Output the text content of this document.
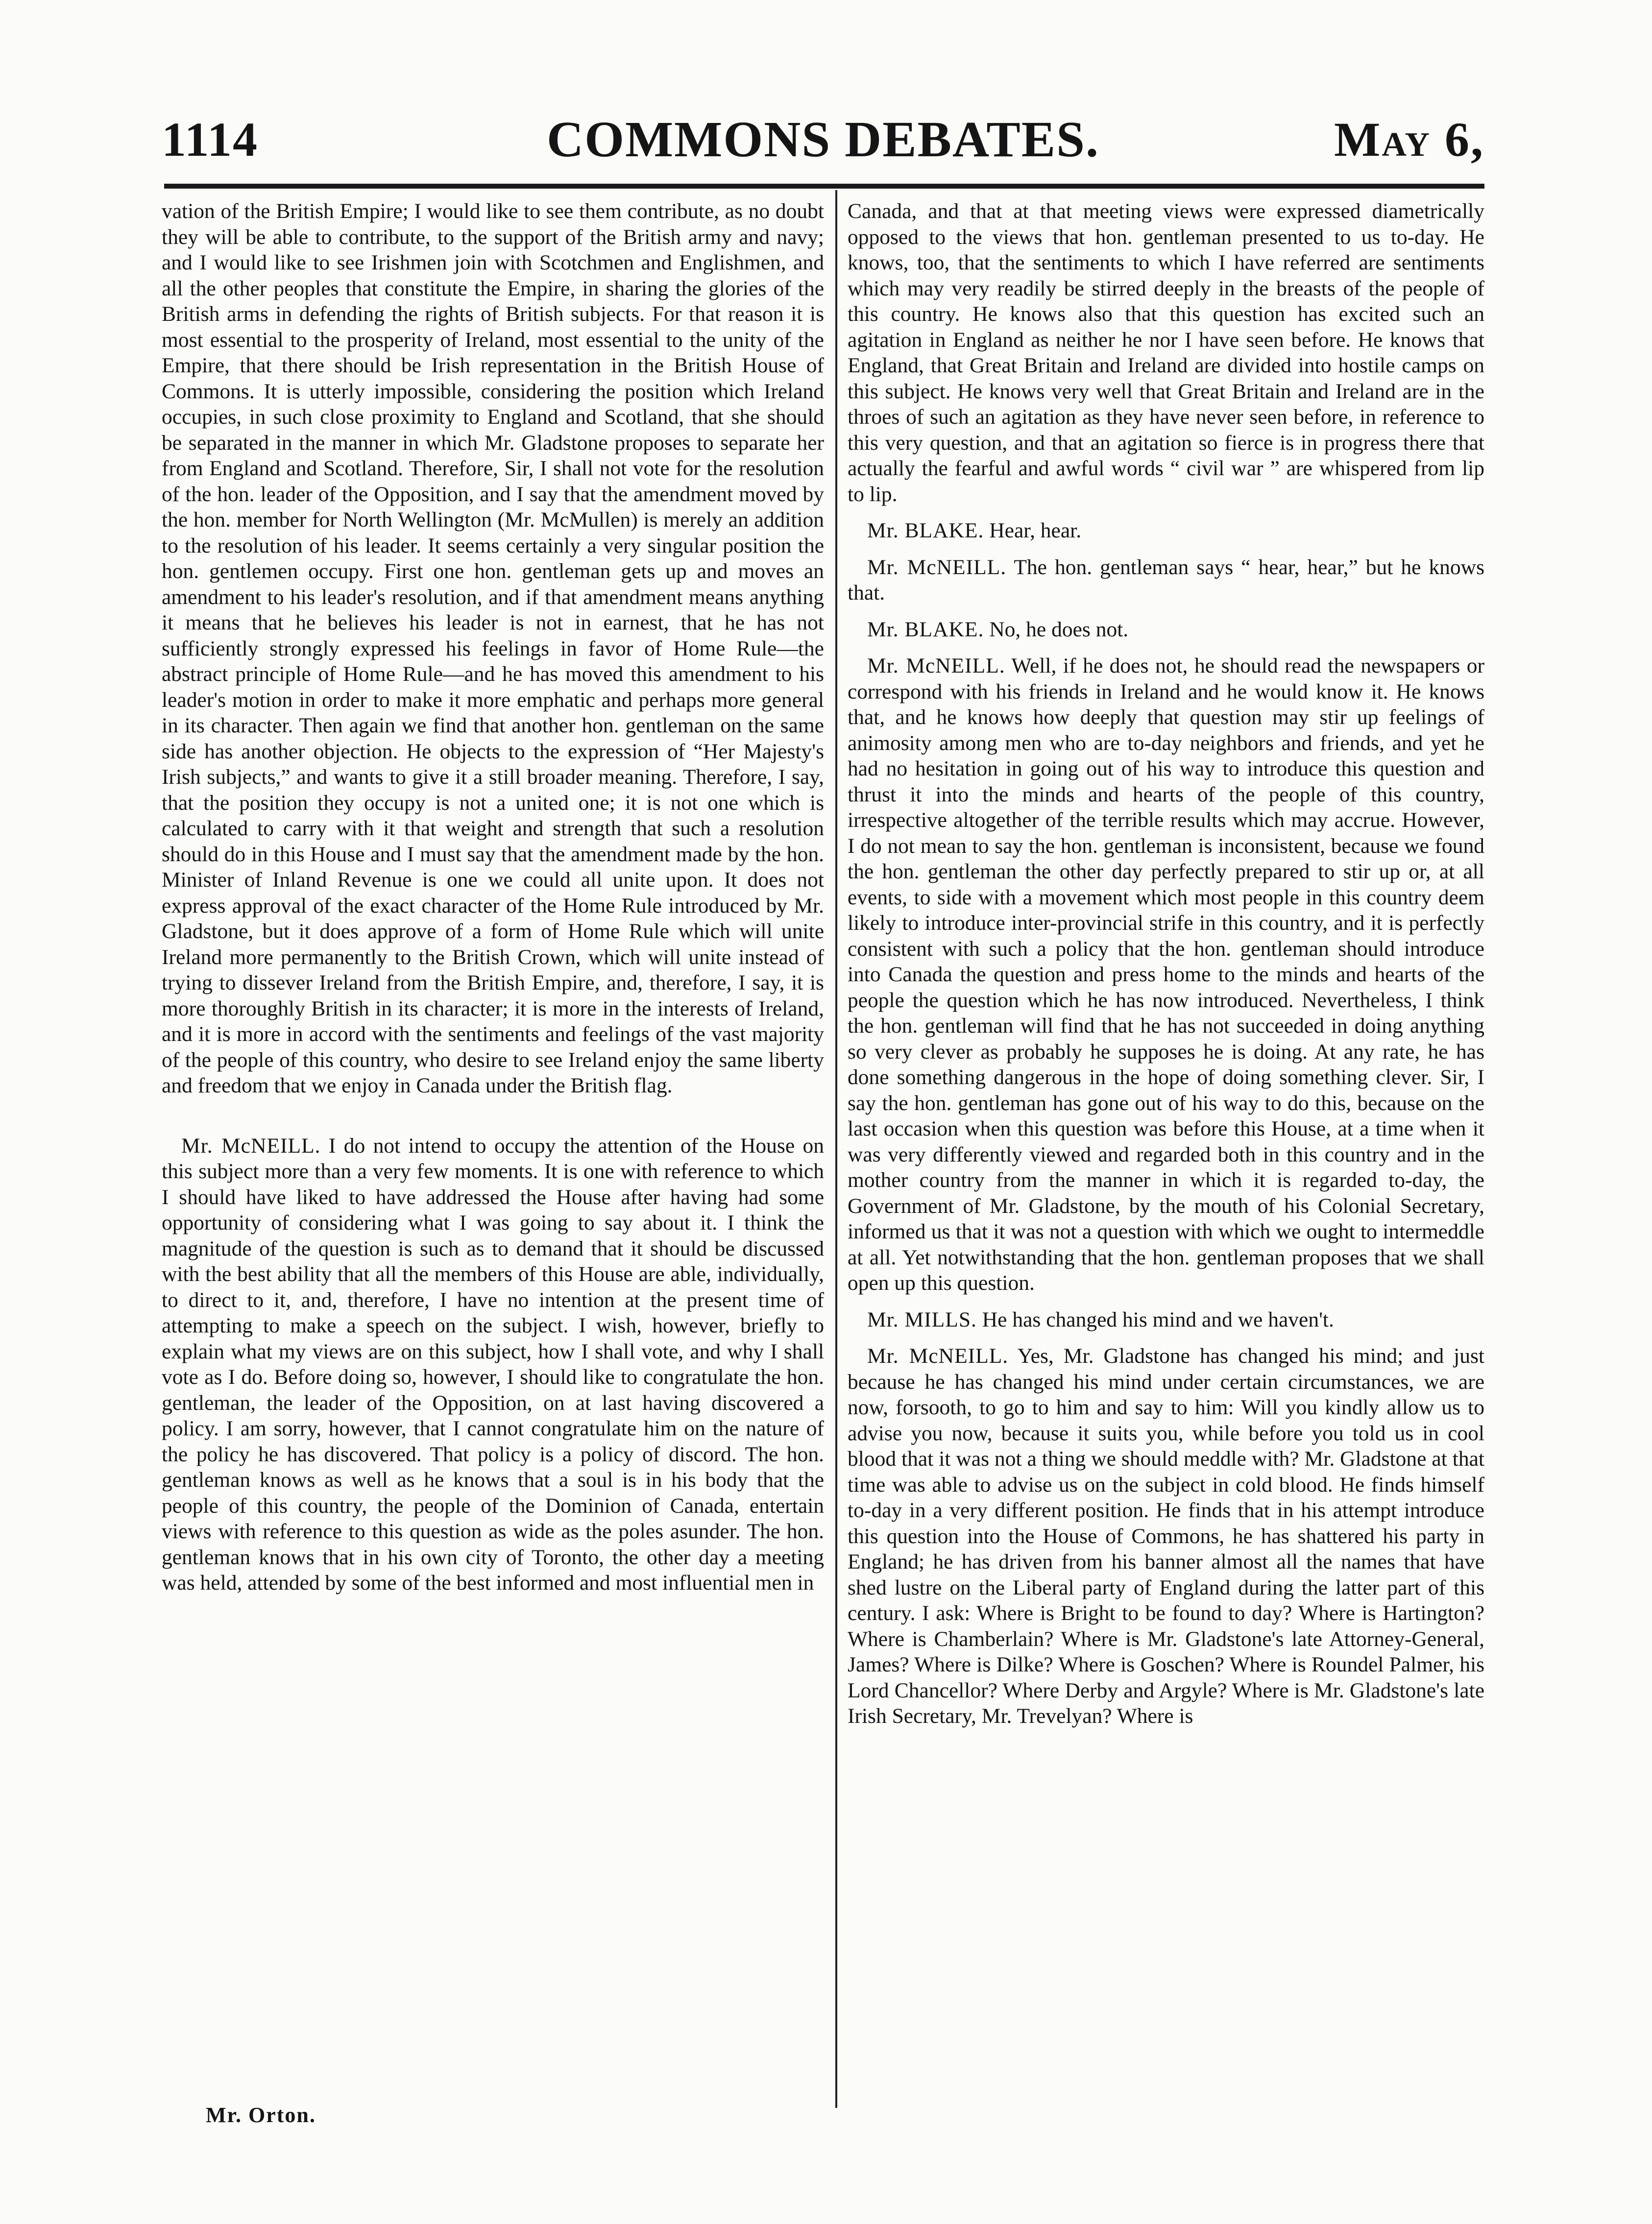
COMMONS DEBATES.
1114	May 6,

vation of the British Empire; I would like to see them contribute, as no doubt they will be able to contribute, to the support of the British army and navy; and I would like to see Irishmen join with Scotchmen and Englishmen, and all the other peoples that constitute the Empire, in sharing the glories of the British arms in defending the rights of British subjects. For that reason it is most essential to the prosperity of Ireland, most essential to the unity of the Empire, that there should be Irish representation in the British House of Commons. It is utterly impossible, considering the position which Ireland occupies, in such close proximity to England and Scotland, that she should be separated in the manner in which Mr. Gladstone proposes to separate her from England and Scotland. Therefore, Sir, I shall not vote for the resolution of the hon. leader of the Opposition, and I say that the amendment moved by the hon. member for North Wellington (Mr. McMullen) is merely an addition to the resolution of his leader. It seems certainly a very singular position the hon. gentlemen occupy. First one hon. gentleman gets up and moves an amendment to his leader's resolution, and if that amendment means anything it means that he believes his leader is not in earnest, that he has not sufficiently strongly expressed his feelings in favor of Home Rule—the abstract principle of Home Rule—and he has moved this amendment to his leader's motion in order to make it more emphatic and perhaps more general in its character. Then again we find that another hon. gentleman on the same side has another objection. He objects to the expression of “Her Majesty's Irish subjects,” and wants to give it a still broader meaning. Therefore, I say, that the position they occupy is not a united one; it is not one which is calculated to carry with it that weight and strength that such a resolution should do in this House and I must say that the amendment made by the hon. Minister of Inland Revenue is one we could all unite upon. It does not express approval of the exact character of the Home Rule introduced by Mr. Gladstone, but it does approve of a form of Home Rule which will unite Ireland more permanently to the British Crown, which will unite instead of trying to dissever Ireland from the British Empire, and, therefore, I say, it is more thoroughly British in its character; it is more in the interests of Ireland, and it is more in accord with the sentiments and feelings of the vast majority of the people of this country, who desire to see Ireland enjoy the same liberty and freedom that we enjoy in Canada under the British flag.

Mr. McNEILL. I do not intend to occupy the attention of the House on this subject more than a very few moments. It is one with reference to which I should have liked to have addressed the House after having had some opportunity of considering what I was going to say about it. I think the magnitude of the question is such as to demand that it should be discussed with the best ability that all the members of this House are able, individually, to direct to it, and, therefore, I have no intention at the present time of attempting to make a speech on the subject. I wish, however, briefly to explain what my views are on this subject, how I shall vote, and why I shall vote as I do. Before doing so, however, I should like to congratulate the hon. gentleman, the leader of the Opposition, on at last having discovered a policy. I am sorry, however, that I cannot congratulate him on the nature of the policy he has discovered. That policy is a policy of discord. The hon. gentleman knows as well as he knows that a soul is in his body that the people of this country, the people of the Dominion of Canada, entertain views with reference to this question as wide as the poles asunder. The hon. gentleman knows that in his own city of Toronto, the other day a meeting was held, attended by some of the best informed and most influential men in

Canada, and that at that meeting views were expressed diametrically opposed to the views that hon. gentleman presented to us to-day. He knows, too, that the sentiments to which I have referred are sentiments which may very readily be stirred deeply in the breasts of the people of this country. He knows also that this question has excited such an agitation in England as neither he nor I have seen before. He knows that England, that Great Britain and Ireland are divided into hostile camps on this subject. He knows very well that Great Britain and Ireland are in the throes of such an agitation as they have never seen before, in reference to this very question, and that an agitation so fierce is in progress there that actually the fearful and awful words “ civil war ” are whispered from lip to lip.

Mr. BLAKE. Hear, hear.

Mr. McNEILL. The hon. gentleman says “ hear, hear,” but he knows that.

Mr. BLAKE. No, he does not.

Mr. McNEILL. Well, if he does not, he should read the newspapers or correspond with his friends in Ireland and he would know it. He knows that, and he knows how deeply that question may stir up feelings of animosity among men who are to-day neighbors and friends, and yet he had no hesitation in going out of his way to introduce this question and thrust it into the minds and hearts of the people of this country, irrespective altogether of the terrible results which may accrue. However, I do not mean to say the hon. gentleman is inconsistent, because we found the hon. gentleman the other day perfectly prepared to stir up or, at all events, to side with a movement which most people in this country deem likely to introduce inter-provincial strife in this country, and it is perfectly consistent with such a policy that the hon. gentleman should introduce into Canada the question and press home to the minds and hearts of the people the question which he has now introduced. Nevertheless, I think the hon. gentleman will find that he has not succeeded in doing anything so very clever as probably he supposes he is doing. At any rate, he has done something dangerous in the hope of doing something clever. Sir, I say the hon. gentleman has gone out of his way to do this, because on the last occasion when this question was before this House, at a time when it was very differently viewed and regarded both in this country and in the mother country from the manner in which it is regarded to-day, the Government of Mr. Gladstone, by the mouth of his Colonial Secretary, informed us that it was not a question with which we ought to intermeddle at all. Yet notwithstanding that the hon. gentleman proposes that we shall open up this question.

Mr. MILLS. He has changed his mind and we haven't.

Mr. McNEILL. Yes, Mr. Gladstone has changed his mind; and just because he has changed his mind under certain circumstances, we are now, forsooth, to go to him and say to him: Will you kindly allow us to advise you now, because it suits you, while before you told us in cool blood that it was not a thing we should meddle with? Mr. Gladstone at that time was able to advise us on the subject in cold blood. He finds himself to-day in a very different position. He finds that in his attempt introduce this question into the House of Commons, he has shattered his party in England; he has driven from his banner almost all the names that have shed lustre on the Liberal party of England during the latter part of this century. I ask: Where is Bright to be found to day? Where is Hartington? Where is Chamberlain? Where is Mr. Gladstone's late Attorney-General, James? Where is Dilke? Where is Goschen? Where is Roundel Palmer, his Lord Chancellor? Where Derby and Argyle? Where is Mr. Gladstone's late Irish Secretary, Mr. Trevelyan? Where is

Mr. Orton.
